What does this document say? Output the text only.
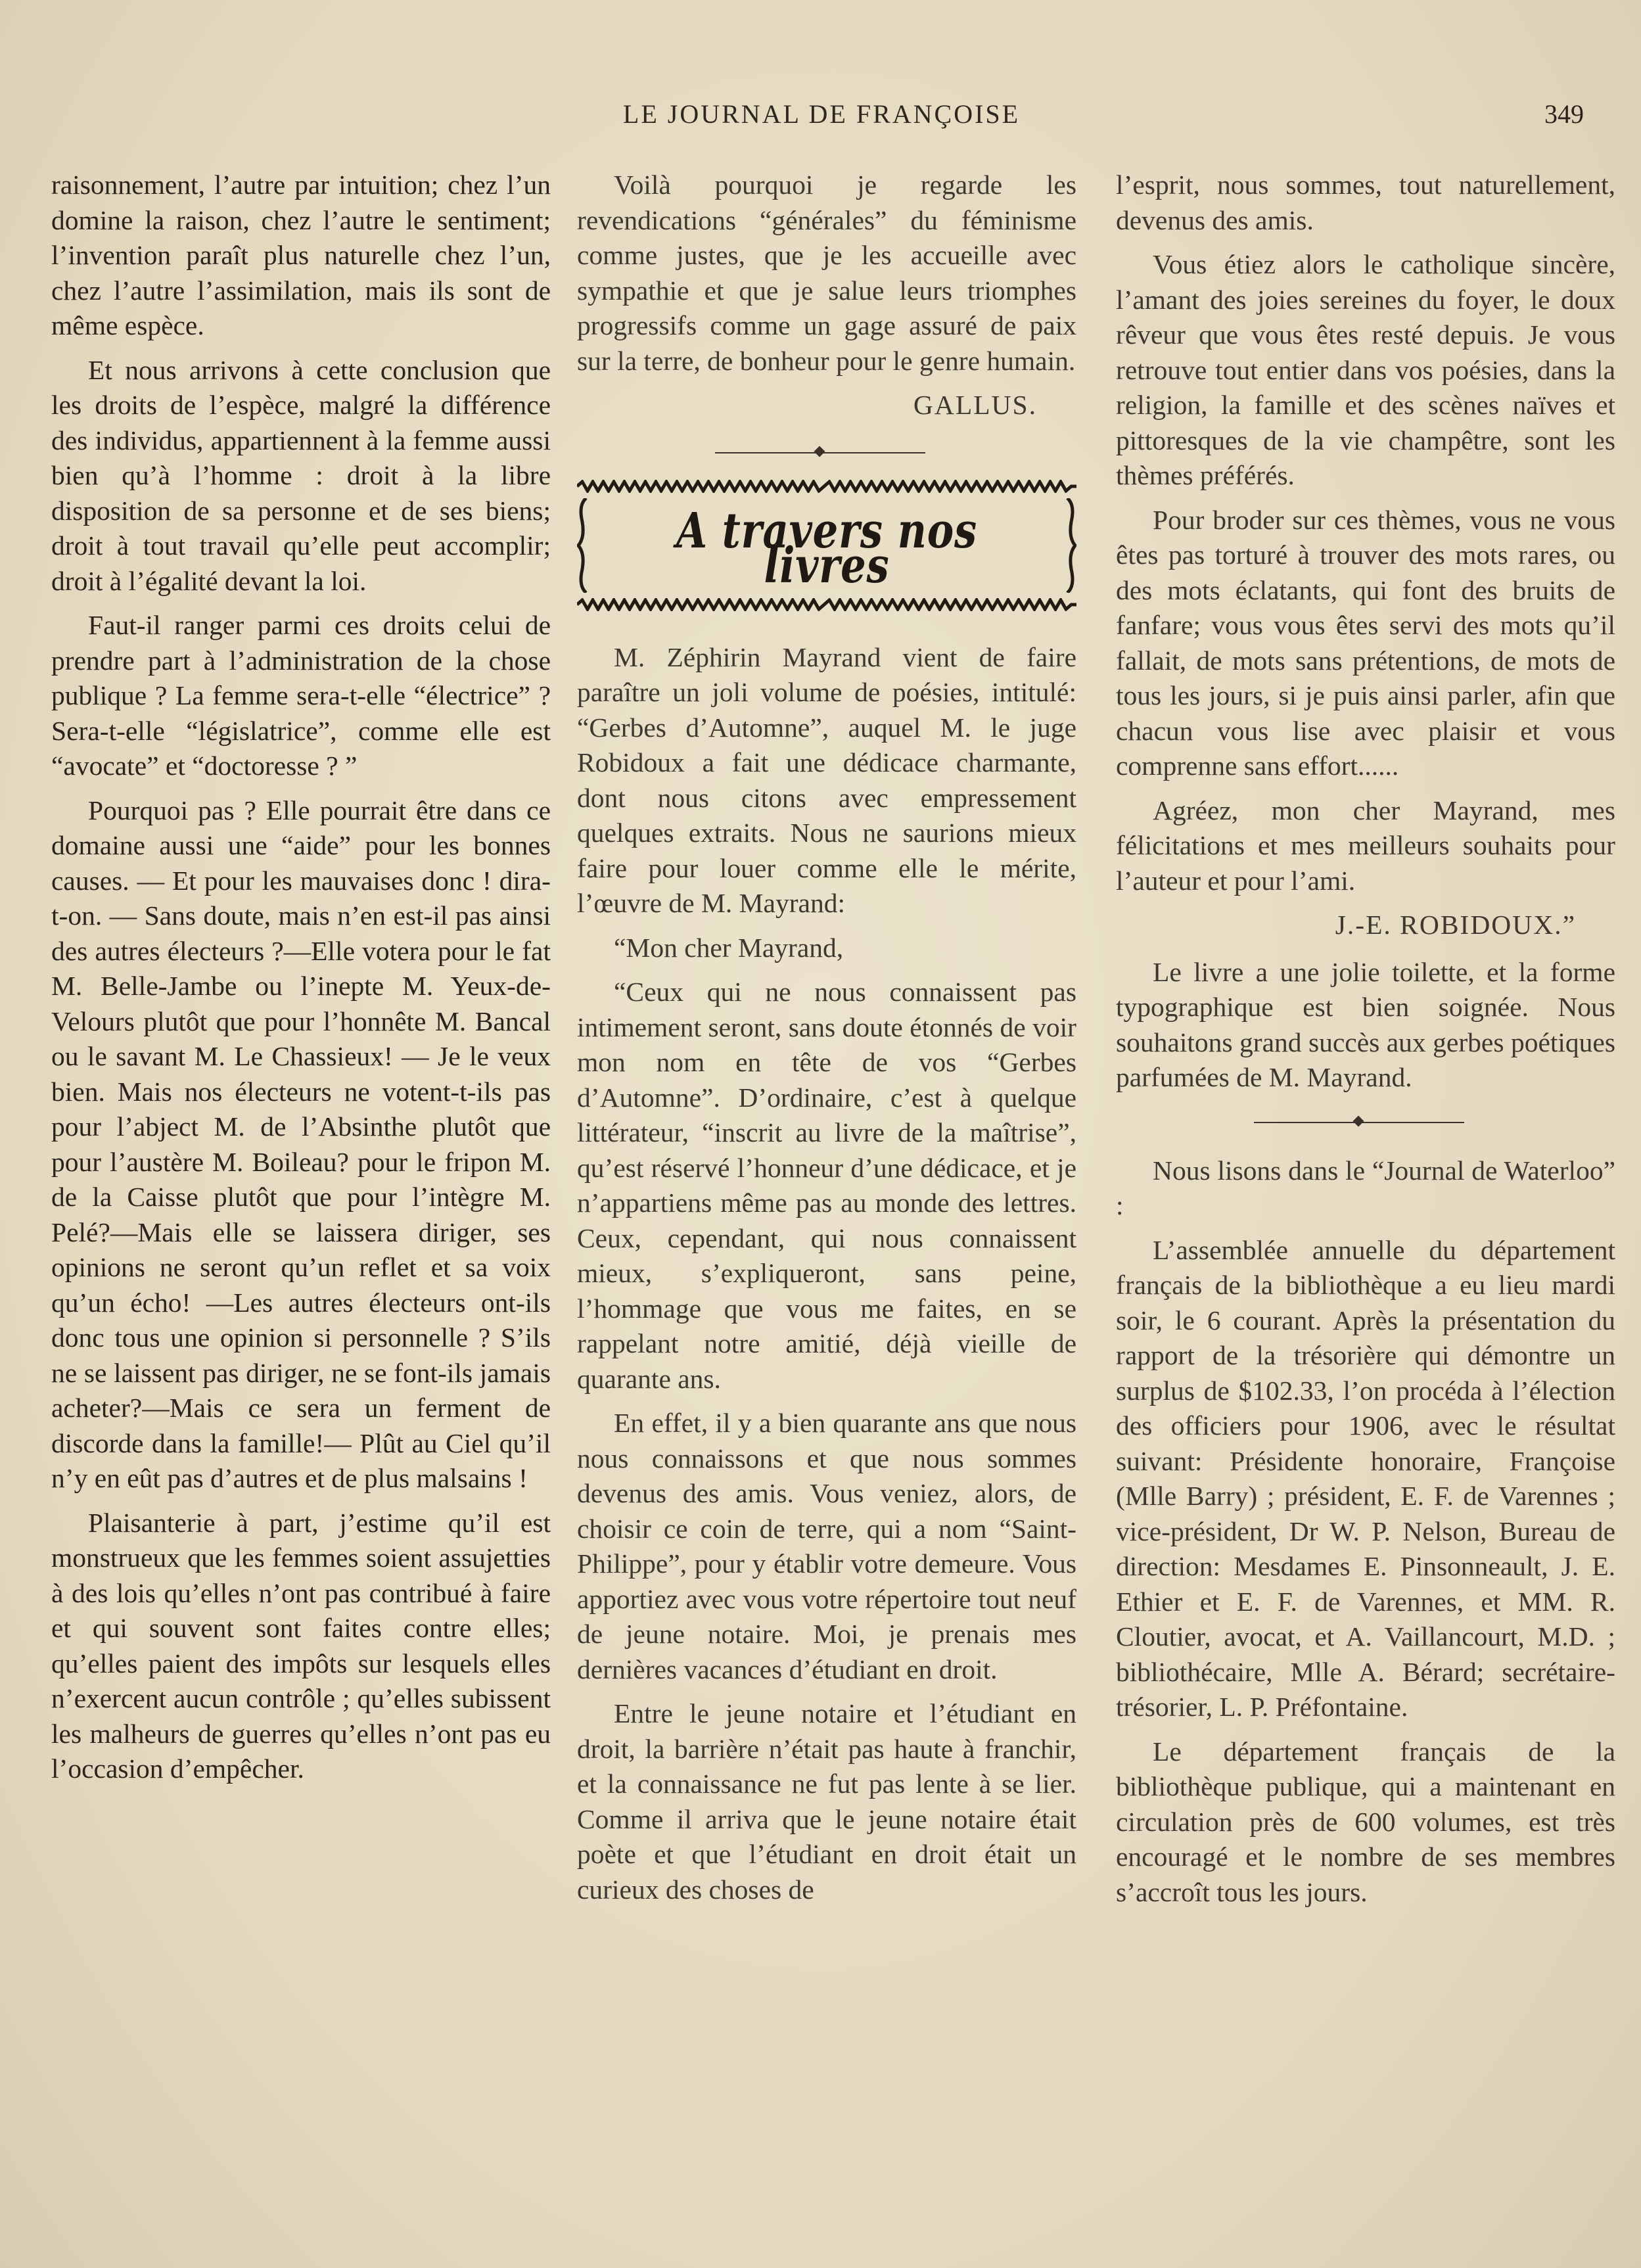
LE JOURNAL DE FRANÇOISE	349

raisonnement, l’autre par intuition; chez l’un domine la raison, chez l’autre le sentiment; l’invention paraît plus naturelle chez l’un, chez l’autre l’assimilation, mais ils sont de même espèce.

Et nous arrivons à cette conclusion que les droits de l’espèce, malgré la différence des individus, appartiennent à la femme aussi bien qu’à l’homme : droit à la libre disposition de sa personne et de ses biens; droit à tout travail qu’elle peut accomplir; droit à l’égalité devant la loi.

Faut-il ranger parmi ces droits celui de prendre part à l’administration de la chose publique ? La femme sera-t-elle “électrice” ? Sera-t-elle “législatrice”, comme elle est “avocate” et “doctoresse ? ”

Pourquoi pas ? Elle pourrait être dans ce domaine aussi une “aide” pour les bonnes causes. — Et pour les mauvaises donc ! dira-t-on. — Sans doute, mais n’en est-il pas ainsi des autres électeurs ?—Elle votera pour le fat M. Belle-Jambe ou l’inepte M. Yeux-de-Velours plutôt que pour l’honnête M. Bancal ou le savant M. Le Chassieux! — Je le veux bien. Mais nos électeurs ne votent-t-ils pas pour l’abject M. de l’Absinthe plutôt que pour l’austère M. Boileau? pour le fripon M. de la Caisse plutôt que pour l’intègre M. Pelé?—Mais elle se laissera diriger, ses opinions ne seront qu’un reflet et sa voix qu’un écho! —Les autres électeurs ont-ils donc tous une opinion si personnelle ? S’ils ne se laissent pas diriger, ne se font-ils jamais acheter?—Mais ce sera un ferment de discorde dans la famille!— Plût au Ciel qu’il n’y en eût pas d’autres et de plus malsains !

Plaisanterie à part, j’estime qu’il est monstrueux que les femmes soient assujetties à des lois qu’elles n’ont pas contribué à faire et qui souvent sont faites contre elles; qu’elles paient des impôts sur lesquels elles n’exercent aucun contrôle ; qu’elles subissent les malheurs de guerres qu’elles n’ont pas eu l’occasion d’empêcher.

Voilà pourquoi je regarde les revendications “générales” du féminisme comme justes, que je les accueille avec sympathie et que je salue leurs triomphes progressifs comme un gage assuré de paix sur la terre, de bonheur pour le genre humain.

GALLUS.
A travers nos livres

M. Zéphirin Mayrand vient de faire paraître un joli volume de poésies, intitulé: “Gerbes d’Automne”, auquel M. le juge Robidoux a fait une dédicace charmante, dont nous citons avec empressement quelques extraits. Nous ne saurions mieux faire pour louer comme elle le mérite, l’œuvre de M. Mayrand:

“Mon cher Mayrand,

“Ceux qui ne nous connaissent pas intimement seront, sans doute étonnés de voir mon nom en tête de vos “Gerbes d’Automne”. D’ordinaire, c’est à quelque littérateur, “inscrit au livre de la maîtrise”, qu’est réservé l’honneur d’une dédicace, et je n’appartiens même pas au monde des lettres. Ceux, cependant, qui nous connaissent mieux, s’expliqueront, sans peine, l’hommage que vous me faites, en se rappelant notre amitié, déjà vieille de quarante ans.

En effet, il y a bien quarante ans que nous nous connaissons et que nous sommes devenus des amis. Vous veniez, alors, de choisir ce coin de terre, qui a nom “Saint-Philippe”, pour y établir votre demeure. Vous apportiez avec vous votre répertoire tout neuf de jeune notaire. Moi, je prenais mes dernières vacances d’étudiant en droit.

Entre le jeune notaire et l’étudiant en droit, la barrière n’était pas haute à franchir, et la connaissance ne fut pas lente à se lier. Comme il arriva que le jeune notaire était poète et que l’étudiant en droit était un curieux des choses de

l’esprit, nous sommes, tout naturellement, devenus des amis.

Vous étiez alors le catholique sincère, l’amant des joies sereines du foyer, le doux rêveur que vous êtes resté depuis. Je vous retrouve tout entier dans vos poésies, dans la religion, la famille et des scènes naïves et pittoresques de la vie champêtre, sont les thèmes préférés.

Pour broder sur ces thèmes, vous ne vous êtes pas torturé à trouver des mots rares, ou des mots éclatants, qui font des bruits de fanfare; vous vous êtes servi des mots qu’il fallait, de mots sans prétentions, de mots de tous les jours, si je puis ainsi parler, afin que chacun vous lise avec plaisir et vous comprenne sans effort......

Agréez, mon cher Mayrand, mes félicitations et mes meilleurs souhaits pour l’auteur et pour l’ami.

J.-E. ROBIDOUX.”

Le livre a une jolie toilette, et la forme typographique est bien soignée. Nous souhaitons grand succès aux gerbes poétiques parfumées de M. Mayrand.

Nous lisons dans le “Journal de Waterloo” :

L’assemblée annuelle du département français de la bibliothèque a eu lieu mardi soir, le 6 courant. Après la présentation du rapport de la trésorière qui démontre un surplus de $102.33, l’on procéda à l’élection des officiers pour 1906, avec le résultat suivant: Présidente honoraire, Françoise (Mlle Barry) ; président, E. F. de Varennes ; vice-président, Dr W. P. Nelson, Bureau de direction: Mesdames E. Pinsonneault, J. E. Ethier et E. F. de Varennes, et MM. R. Cloutier, avocat, et A. Vaillancourt, M.D. ; bibliothécaire, Mlle A. Bérard; secrétaire-trésorier, L. P. Préfontaine.

Le département français de la bibliothèque publique, qui a maintenant en circulation près de 600 volumes, est très encouragé et le nombre de ses membres s’accroît tous les jours.
